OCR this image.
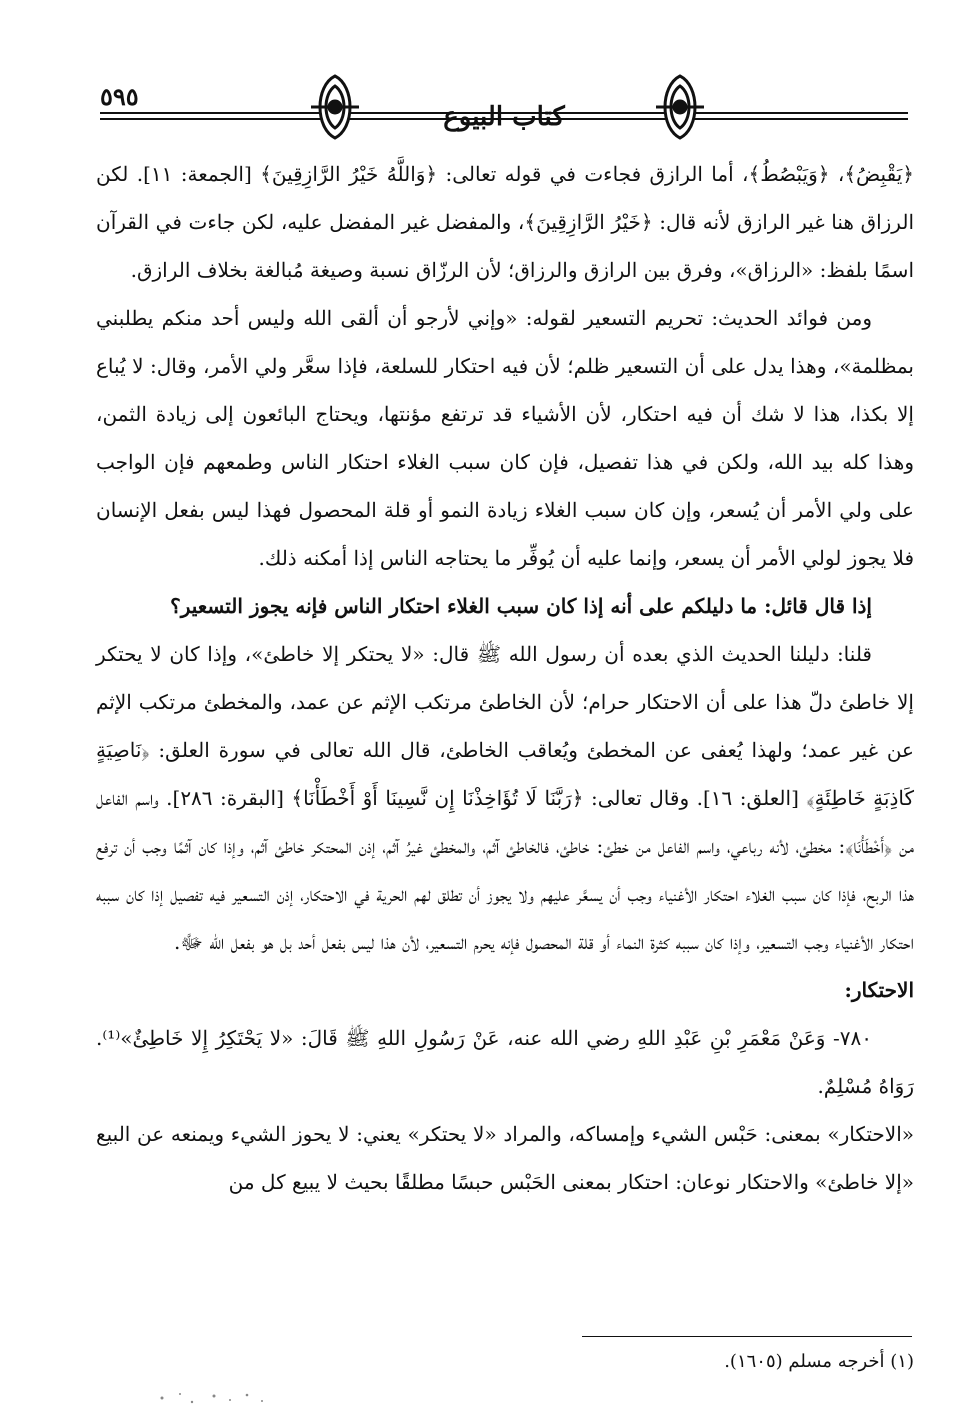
٥٩٥
كتاب البيوع

﴿يَقْبِضُ﴾، ﴿وَيَبْصُطُ﴾، أما الرازق فجاءت في قوله تعالى: ﴿وَاللَّهُ خَيْرُ الرَّازِقِينَ﴾ [الجمعة: ١١]. لكن الرزاق هنا غير الرازق لأنه قال: ﴿خَيْرُ الرَّازِقِينَ﴾، والمفضل غير المفضل عليه، لكن جاءت في القرآن اسمًا بلفظ: «الرزاق»، وفرق بين الرازق والرزاق؛ لأن الرزّاق نسبة وصيغة مُبالغة بخلاف الرازق.

ومن فوائد الحديث: تحريم التسعير لقوله: «وإني لأرجو أن ألقى الله وليس أحد منكم يطلبني بمظلمة»، وهذا يدل على أن التسعير ظلم؛ لأن فيه احتكار للسلعة، فإذا سعَّر ولي الأمر، وقال: لا يُباع إلا بكذا، هذا لا شك أن فيه احتكار، لأن الأشياء قد ترتفع مؤنتها، ويحتاج البائعون إلى زيادة الثمن، وهذا كله بيد الله، ولكن في هذا تفصيل، فإن كان سبب الغلاء احتكار الناس وطمعهم فإن الواجب على ولي الأمر أن يُسعر، وإن كان سبب الغلاء زيادة النمو أو قلة المحصول فهذا ليس بفعل الإنسان فلا يجوز لولي الأمر أن يسعر، وإنما عليه أن يُوفِّر ما يحتاجه الناس إذا أمكنه ذلك.

إذا قال قائل: ما دليلكم على أنه إذا كان سبب الغلاء احتكار الناس فإنه يجوز التسعير؟

قلنا: دليلنا الحديث الذي بعده أن رسول الله ﷺ قال: «لا يحتكر إلا خاطئ»، وإذا كان لا يحتكر إلا خاطئ دلّ هذا على أن الاحتكار حرام؛ لأن الخاطئ مرتكب الإثم عن عمد، والمخطئ مرتكب الإثم عن غير عمد؛ ولهذا يُعفى عن المخطئ ويُعاقب الخاطئ، قال الله تعالى في سورة العلق: ﴿نَاصِيَةٍ كَاذِبَةٍ خَاطِئَةٍ﴾ [العلق: ١٦]. وقال تعالى: ﴿رَبَّنَا لَا تُؤَاخِذْنَا إِن نَّسِينَا أَوْ أَخْطَأْنَا﴾ [البقرة: ٢٨٦]. واسم الفاعل من ﴿أَخْطَأْنَا﴾: مخطئ، لأنه رباعي، واسم الفاعل من خطئ: خاطئ، فالخاطئ آثم، والمخطئ غيرُ آثم، إذن المحتكر خاطئ آثم، وإذا كان آثمًا وجب أن ترفع هذا الربح، فإذا كان سبب الغلاء احتكار الأغنياء وجب أن يسعَّر عليهم ولا يجوز أن تطلق لهم الحرية في الاحتكار، إذن التسعير فيه تفصيل إذا كان سببه احتكار الأغنياء وجب التسعير، وإذا كان سببه كثرة النماء أو قلة المحصول فإنه يحرم التسعير، لأن هذا ليس بفعل أحد بل هو بفعل الله ﷻ.

الاحتكار:

٧٨٠- وَعَنْ مَعْمَرِ بْنِ عَبْدِ اللهِ رضي الله عنه، عَنْ رَسُولِ اللهِ ﷺ قَالَ: «لا يَحْتَكِرُ إِلا خَاطِئٌ»⁽¹⁾. رَوَاهُ مُسْلِمٌ.

«الاحتكار» بمعنى: حَبْس الشيء وإمساكه، والمراد «لا يحتكر» يعني: لا يحوز الشيء ويمنعه عن البيع «إلا خاطئ» والاحتكار نوعان: احتكار بمعنى الحَبْس حبسًا مطلقًا بحيث لا يبيع كل من

(١) أخرجه مسلم (١٦٠٥).
